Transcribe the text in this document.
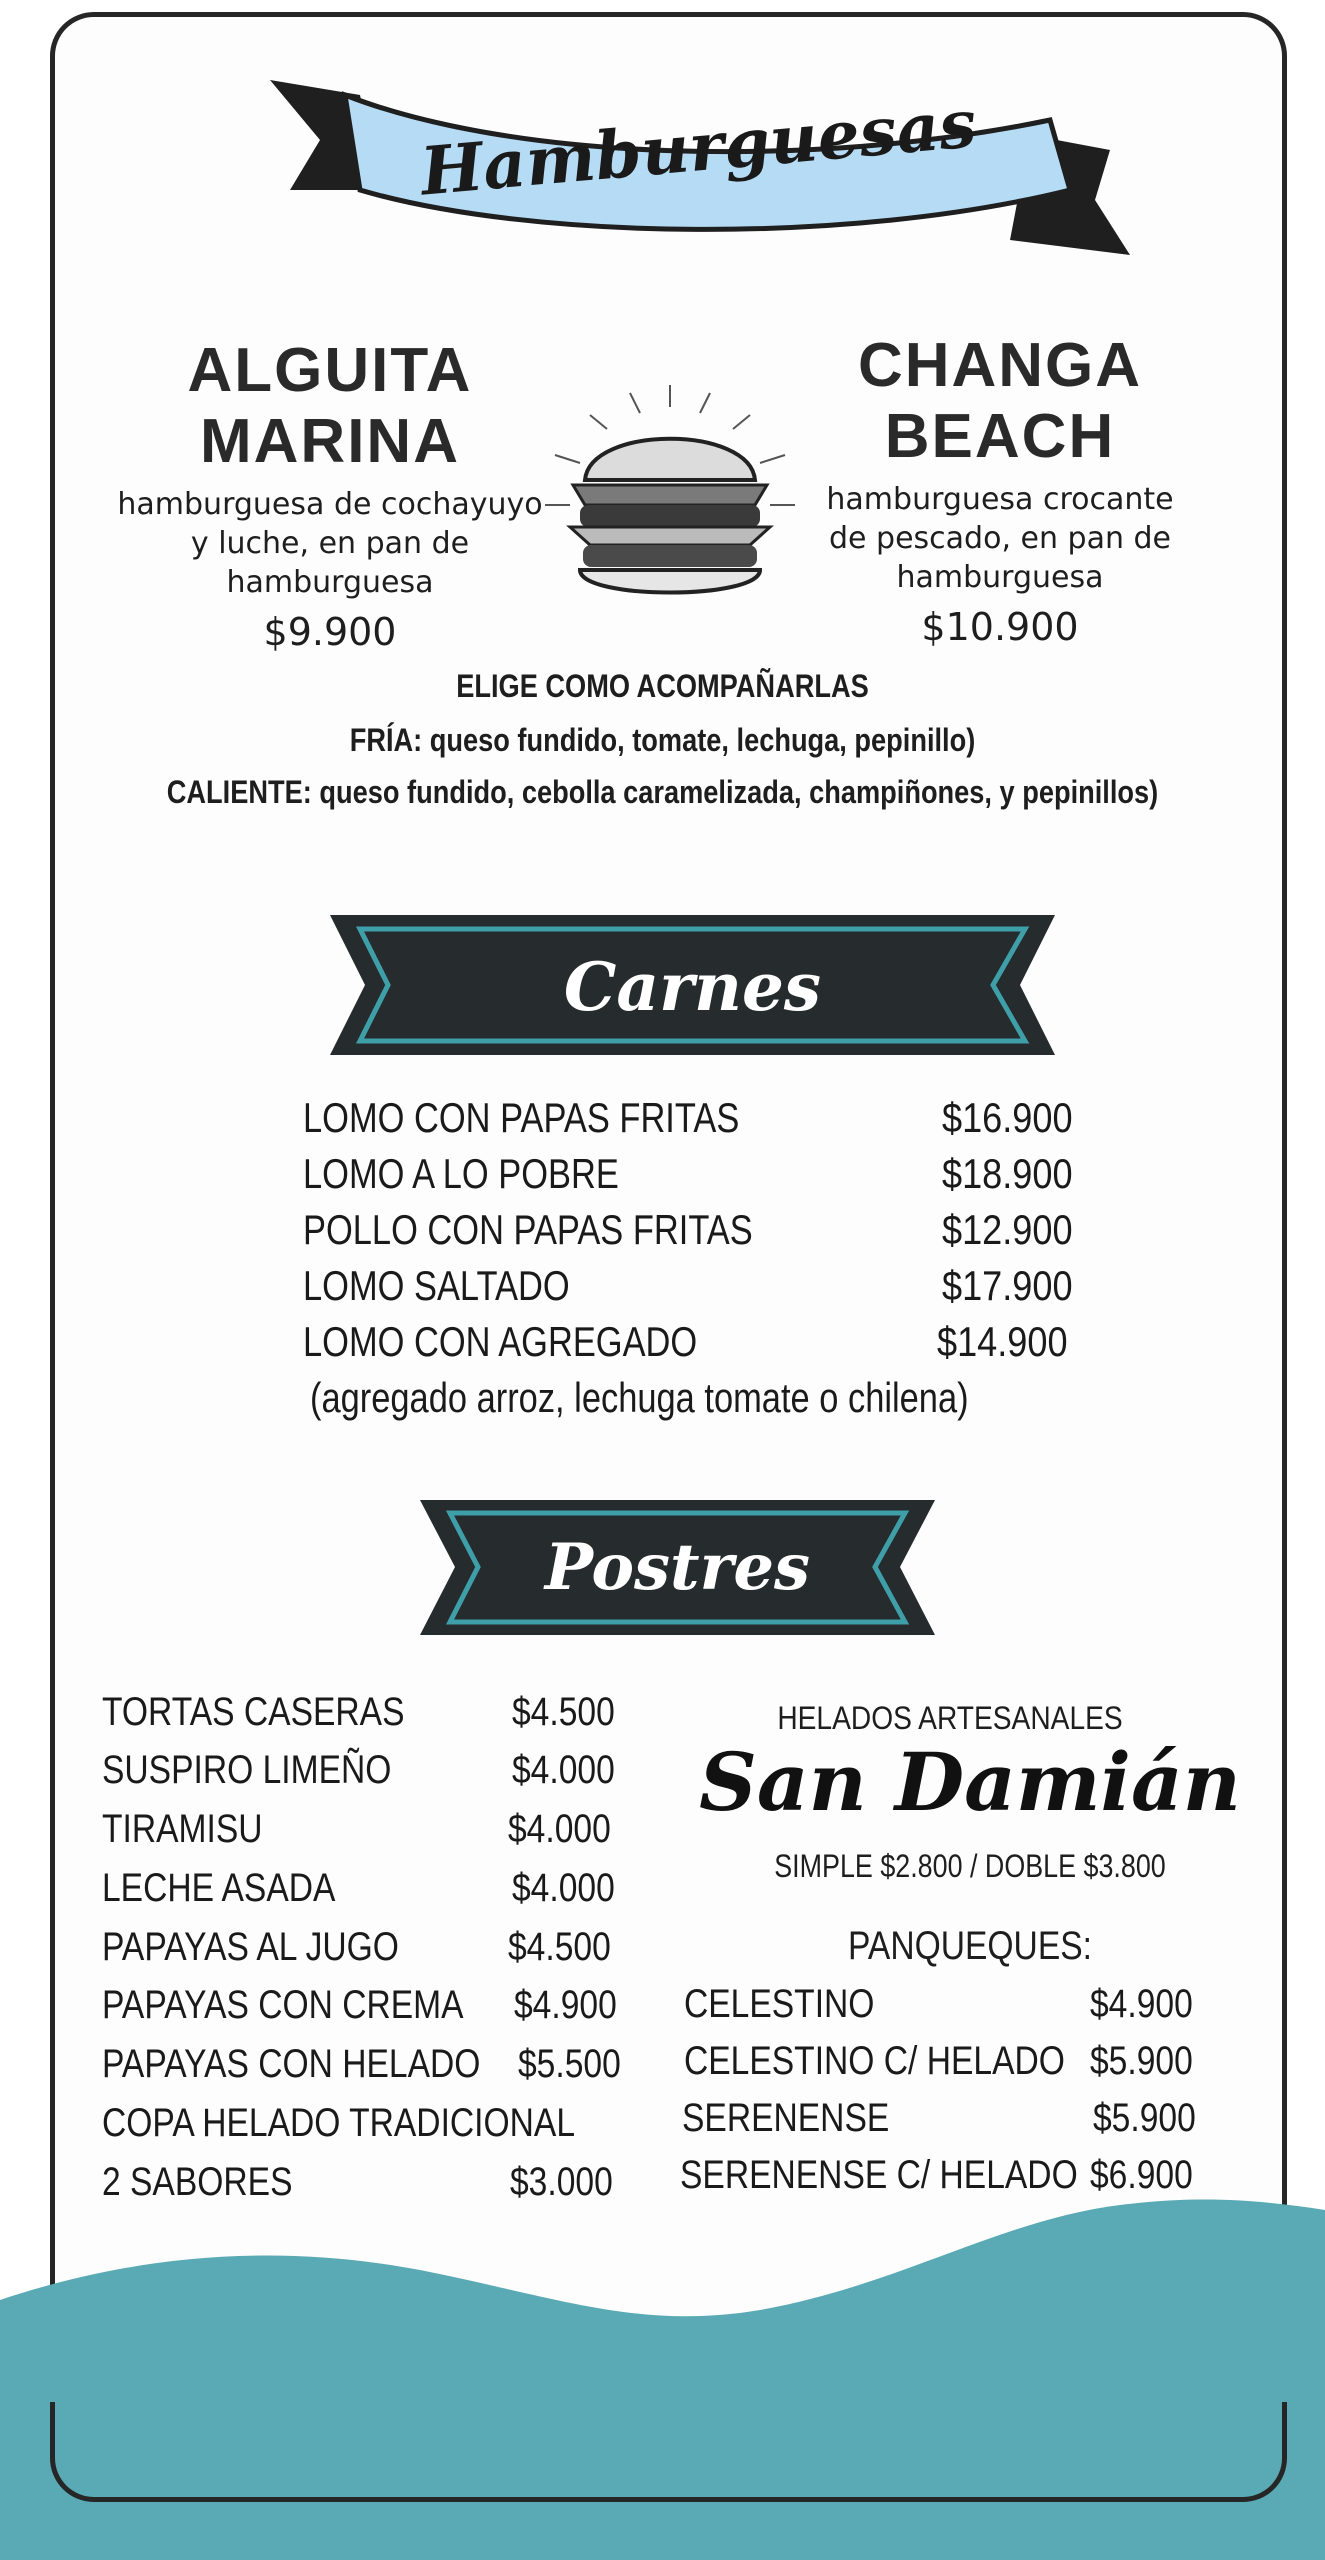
Hamburguesas
ALGUITA MARINA
hamburguesa de cochayuyo
y luche, en pan de
hamburguesa
$9.900
CHANGA BEACH
hamburguesa crocante
de pescado, en pan de
hamburguesa
$10.900
ELIGE COMO ACOMPAÑARLAS
FRÍA: queso fundido, tomate, lechuga, pepinillo)
CALIENTE: queso fundido, cebolla caramelizada, champiñones, y pepinillos)
Carnes
LOMO CON PAPAS FRITAS	$16.900
LOMO A LO POBRE	$18.900
POLLO CON PAPAS FRITAS	$12.900
LOMO SALTADO	$17.900
LOMO CON AGREGADO	$14.900
(agregado arroz, lechuga tomate o chilena)
Postres
TORTAS CASERAS	$4.500
SUSPIRO LIMEÑO	$4.000
TIRAMISU	$4.000
LECHE ASADA	$4.000
PAPAYAS AL JUGO	$4.500
PAPAYAS CON CREMA $4.900
PAPAYAS CON HELADO $5.500
COPA HELADO TRADICIONAL
2 SABORES	$3.000
HELADOS ARTESANALES
San Damián
SIMPLE $2.800 / DOBLE $3.800
PANQUEQUES:
CELESTINO	$4.900
CELESTINO C/ HELADO $5.900
SERENENSE	$5.900
SERENENSE C/ HELADO $6.900
